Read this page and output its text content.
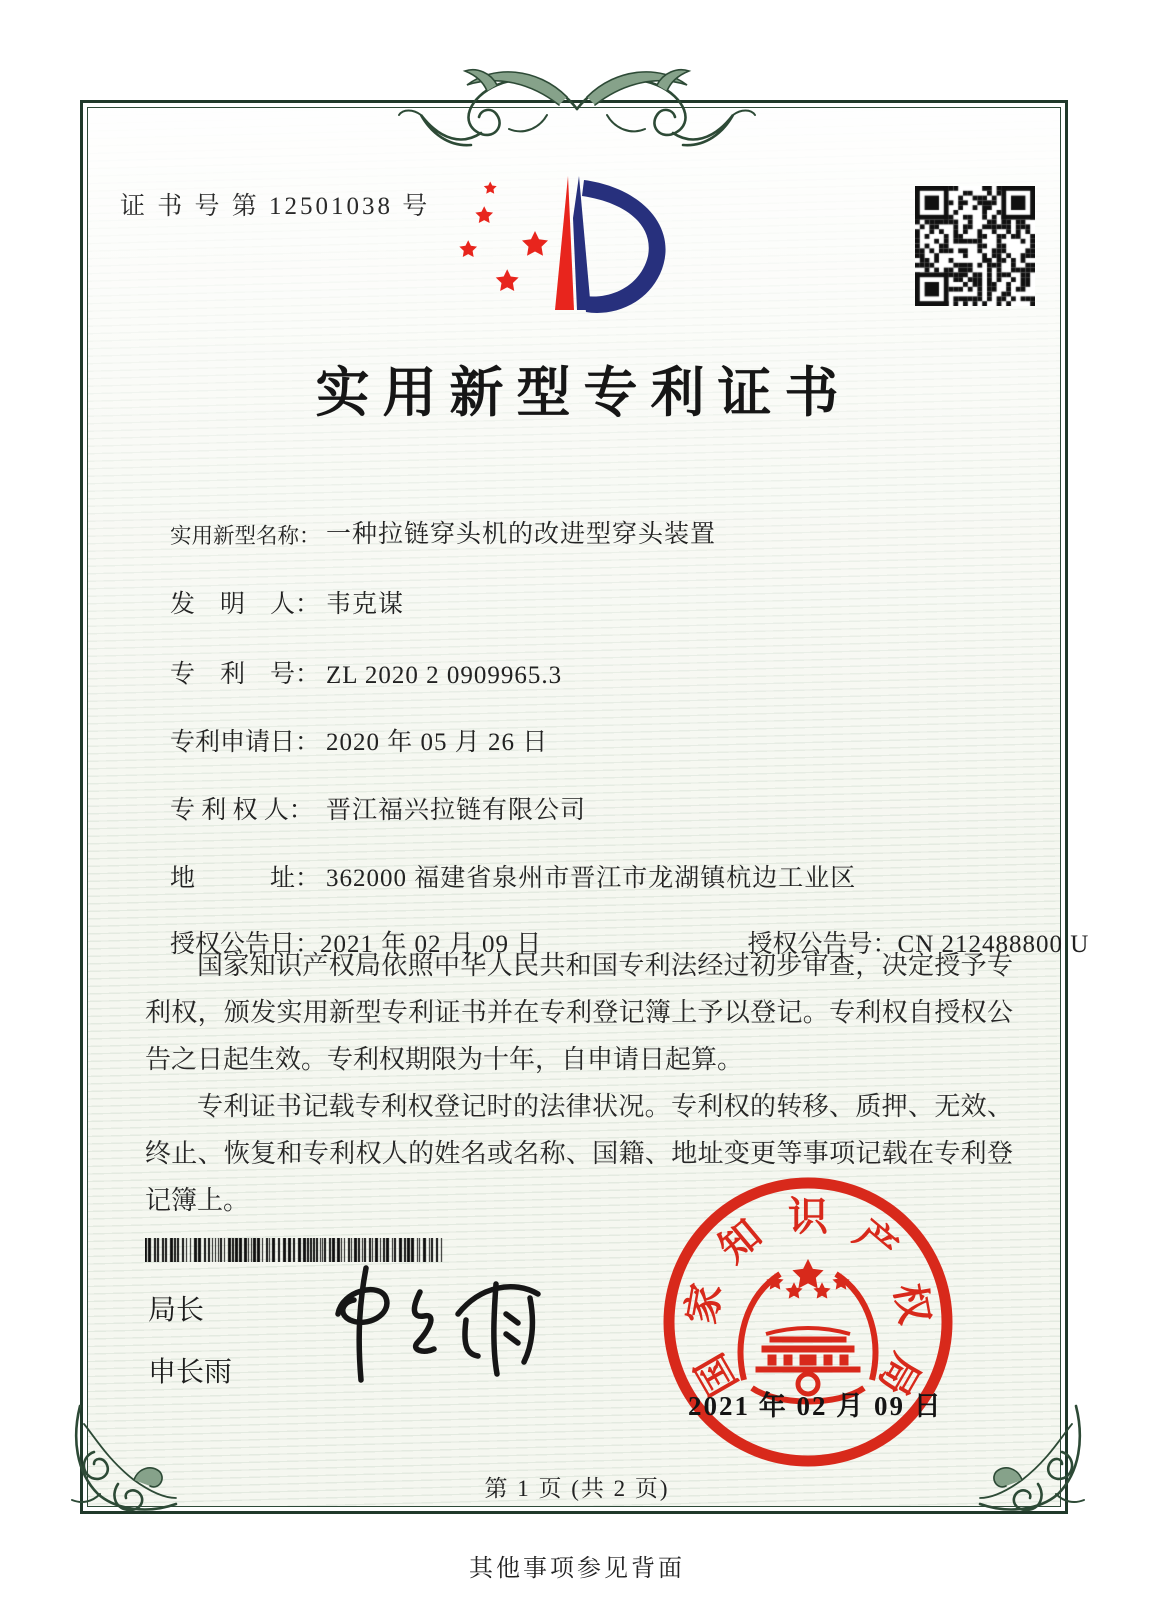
证 书 号 第 12501038 号
实用新型专利证书

实用新型名称： 一种拉链穿头机的改进型穿头装置

发　明　人： 韦克谋

专　利　号： ZL 2020 2 0909965.3

专利申请日： 2020 年 05 月 26 日

专 利 权 人： 晋江福兴拉链有限公司

地　　　址： 362000 福建省泉州市晋江市龙湖镇杭边工业区

授权公告日：2021 年 02 月 09 日
	授权公告号：CN 212488800 U

国家知识产权局依照中华人民共和国专利法经过初步审查，决定授予专利权，颁发实用新型专利证书并在专利登记簿上予以登记。专利权自授权公告之日起生效。专利权期限为十年，自申请日起算。

专利证书记载专利权登记时的法律状况。专利权的转移、质押、无效、终止、恢复和专利权人的姓名或名称、国籍、地址变更等事项记载在专利登记簿上。

局长
申长雨	国
家
知 识 产
权
局
2021 年 02 月 09 日
第 1 页 (共 2 页)
其他事项参见背面
